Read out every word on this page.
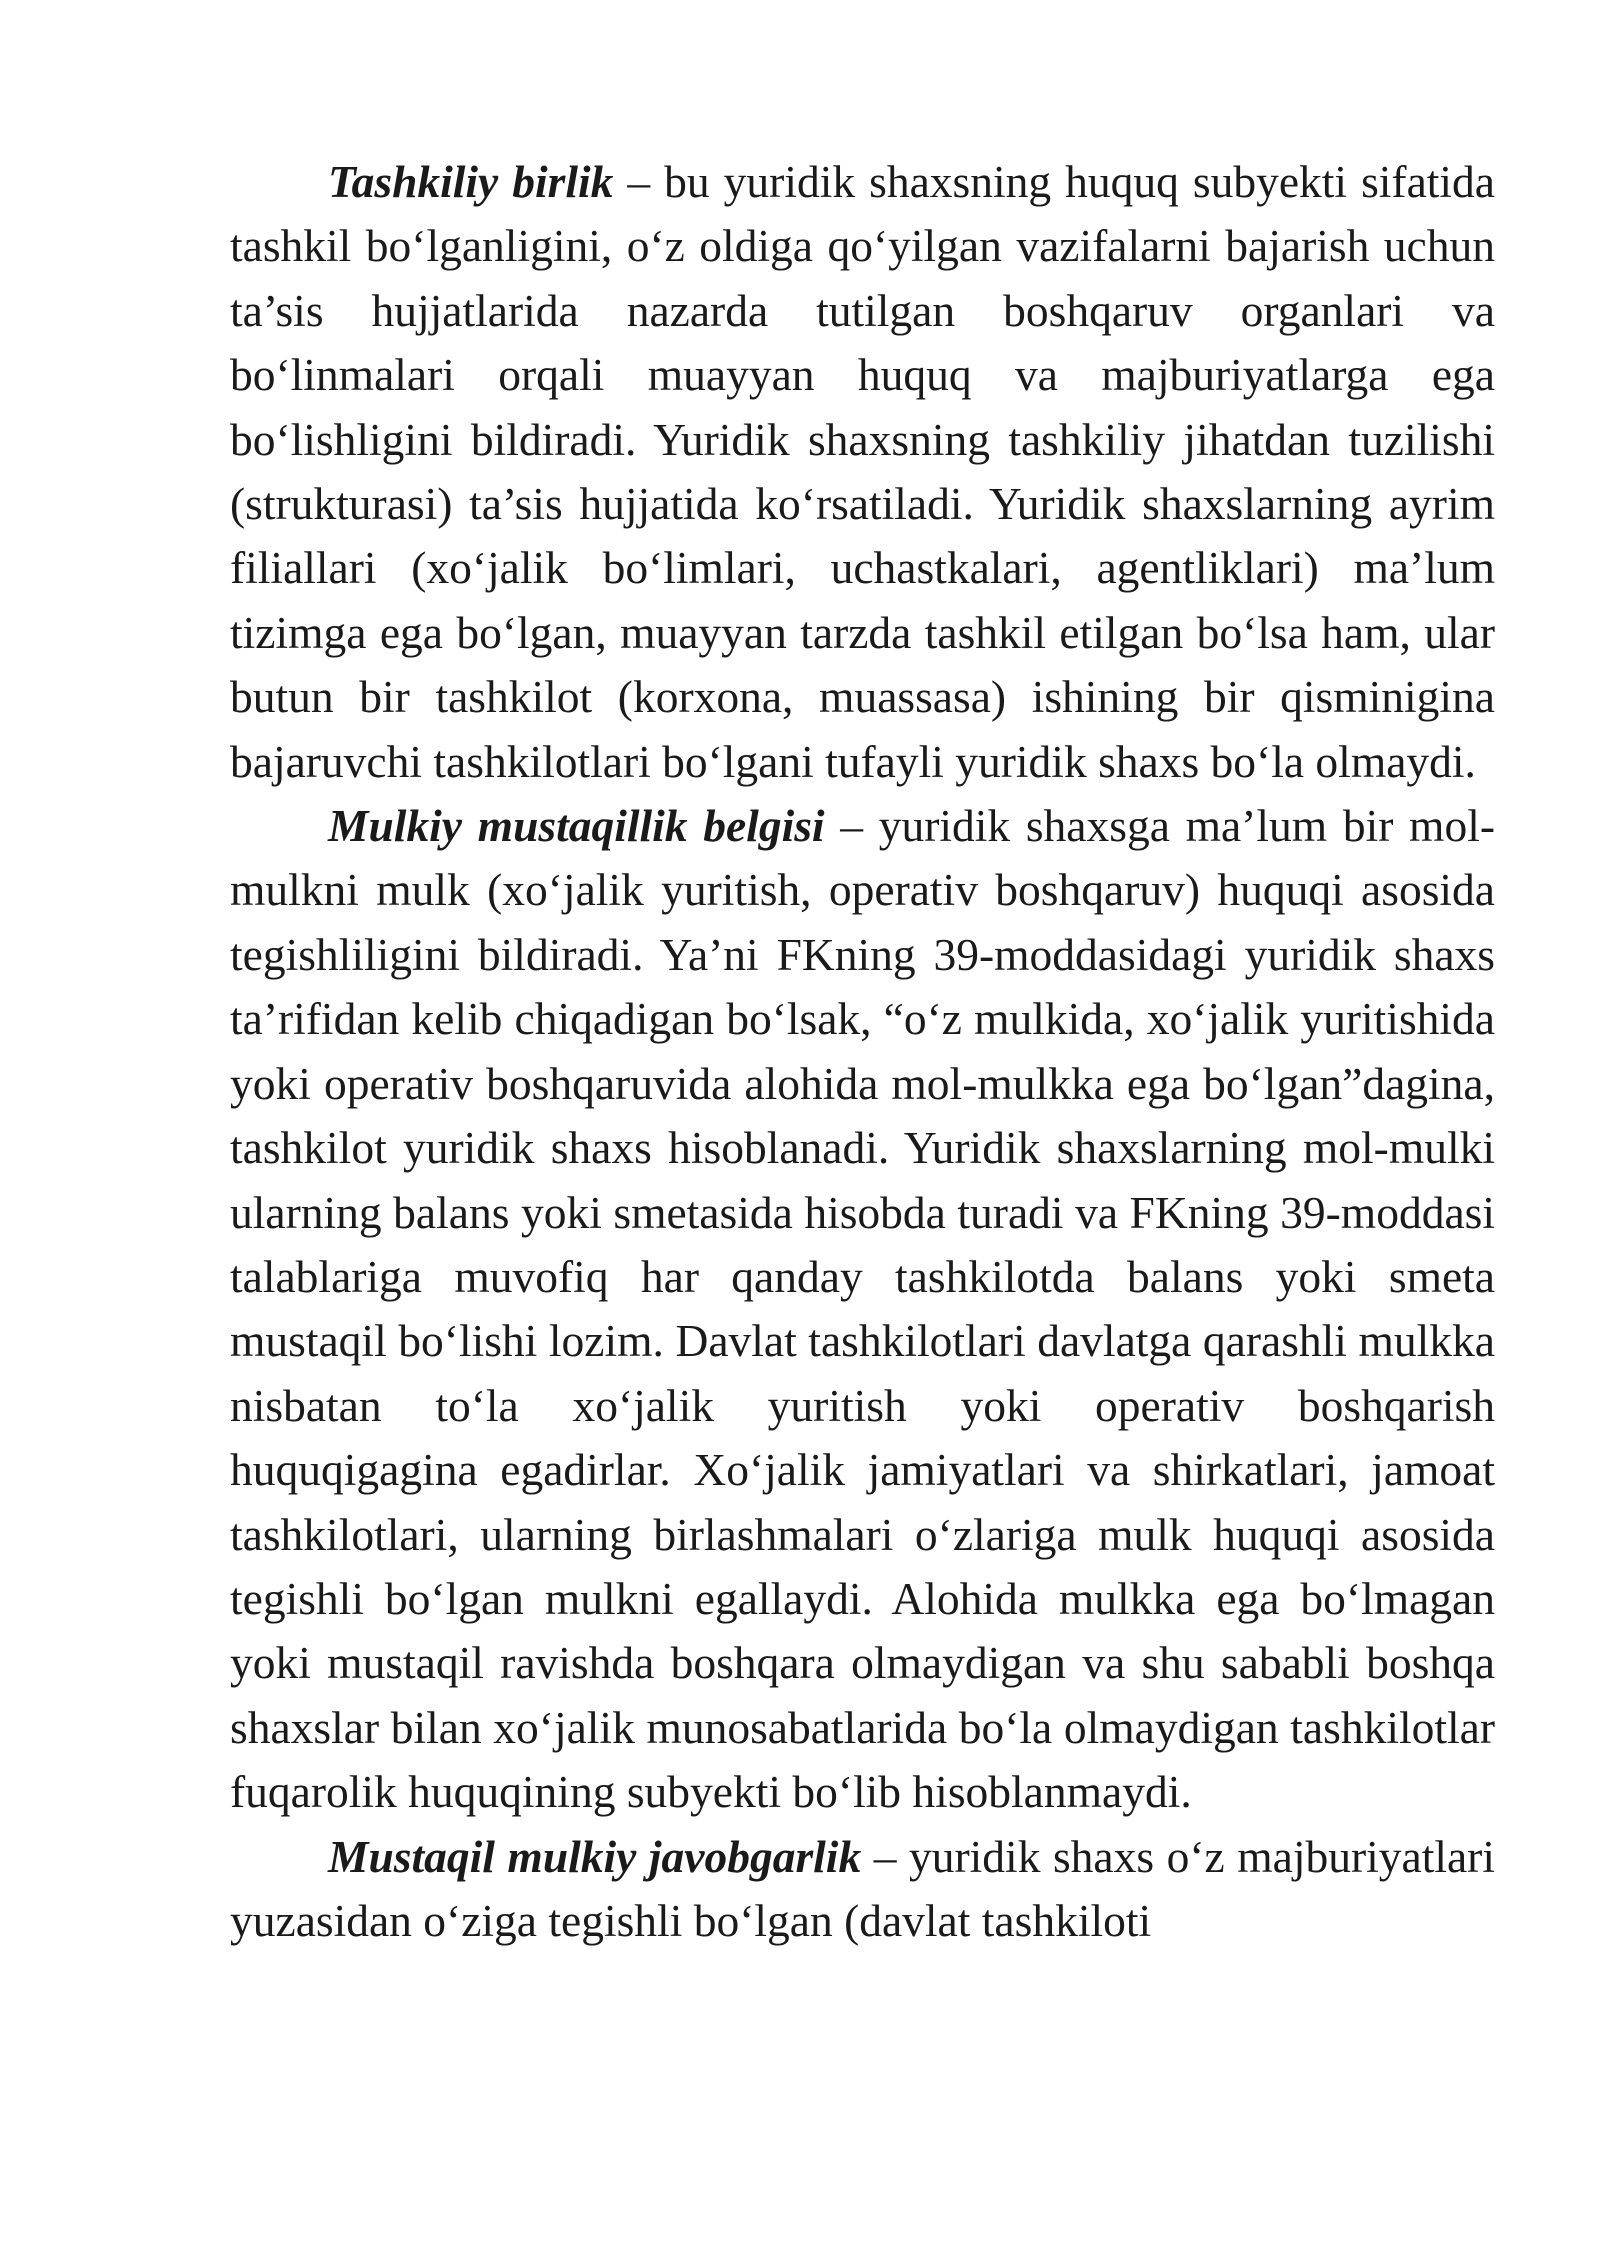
Tashkiliy birlik – bu yuridik shaxsning huquq subyekti sifatida tashkil bo‘lganligini, o‘z oldiga qo‘yilgan vazifalarni bajarish uchun ta’sis hujjatlarida nazarda tutilgan boshqaruv organlari va bo‘linmalari orqali muayyan huquq va majburiyatlarga ega bo‘lishligini bildiradi. Yuridik shaxsning tashkiliy jihatdan tuzilishi (strukturasi) ta’sis hujjatida ko‘rsatiladi. Yuridik shaxslarning ayrim filiallari (xo‘jalik bo‘limlari, uchastkalari, agentliklari) ma’lum tizimga ega bo‘lgan, muayyan tarzda tashkil etilgan bo‘lsa ham, ular butun bir tashkilot (korxona, muassasa) ishining bir qisminigina bajaruvchi tashkilotlari bo‘lgani tufayli yuridik shaxs bo‘la olmaydi.

Mulkiy mustaqillik belgisi – yuridik shaxsga ma’lum bir mol-mulkni mulk (xo‘jalik yuritish, operativ boshqaruv) huquqi asosida tegishliligini bildiradi. Ya’ni FKning 39-moddasidagi yuridik shaxs ta’rifidan kelib chiqadigan bo‘lsak, “o‘z mulkida, xo‘jalik yuritishida yoki operativ boshqaruvida alohida mol-mulkka ega bo‘lgan”dagina, tashkilot yuridik shaxs hisoblanadi. Yuridik shaxslarning mol-mulki ularning balans yoki smetasida hisobda turadi va FKning 39-moddasi talablariga muvofiq har qanday tashkilotda balans yoki smeta mustaqil bo‘lishi lozim. Davlat tashkilotlari davlatga qarashli mulkka nisbatan to‘la xo‘jalik yuritish yoki operativ boshqarish huquqigagina egadirlar. Xo‘jalik jamiyatlari va shirkatlari, jamoat tashkilotlari, ularning birlashmalari o‘zlariga mulk huquqi asosida tegishli bo‘lgan mulkni egallaydi. Alohida mulkka ega bo‘lmagan yoki mustaqil ravishda boshqara olmaydigan va shu sababli boshqa shaxslar bilan xo‘jalik munosabatlarida bo‘la olmaydigan tashkilotlar fuqarolik huquqining subyekti bo‘lib hisoblanmaydi.

Mustaqil mulkiy javobgarlik – yuridik shaxs o‘z majburiyatlari yuzasidan o‘ziga tegishli bo‘lgan (davlat tashkiloti
